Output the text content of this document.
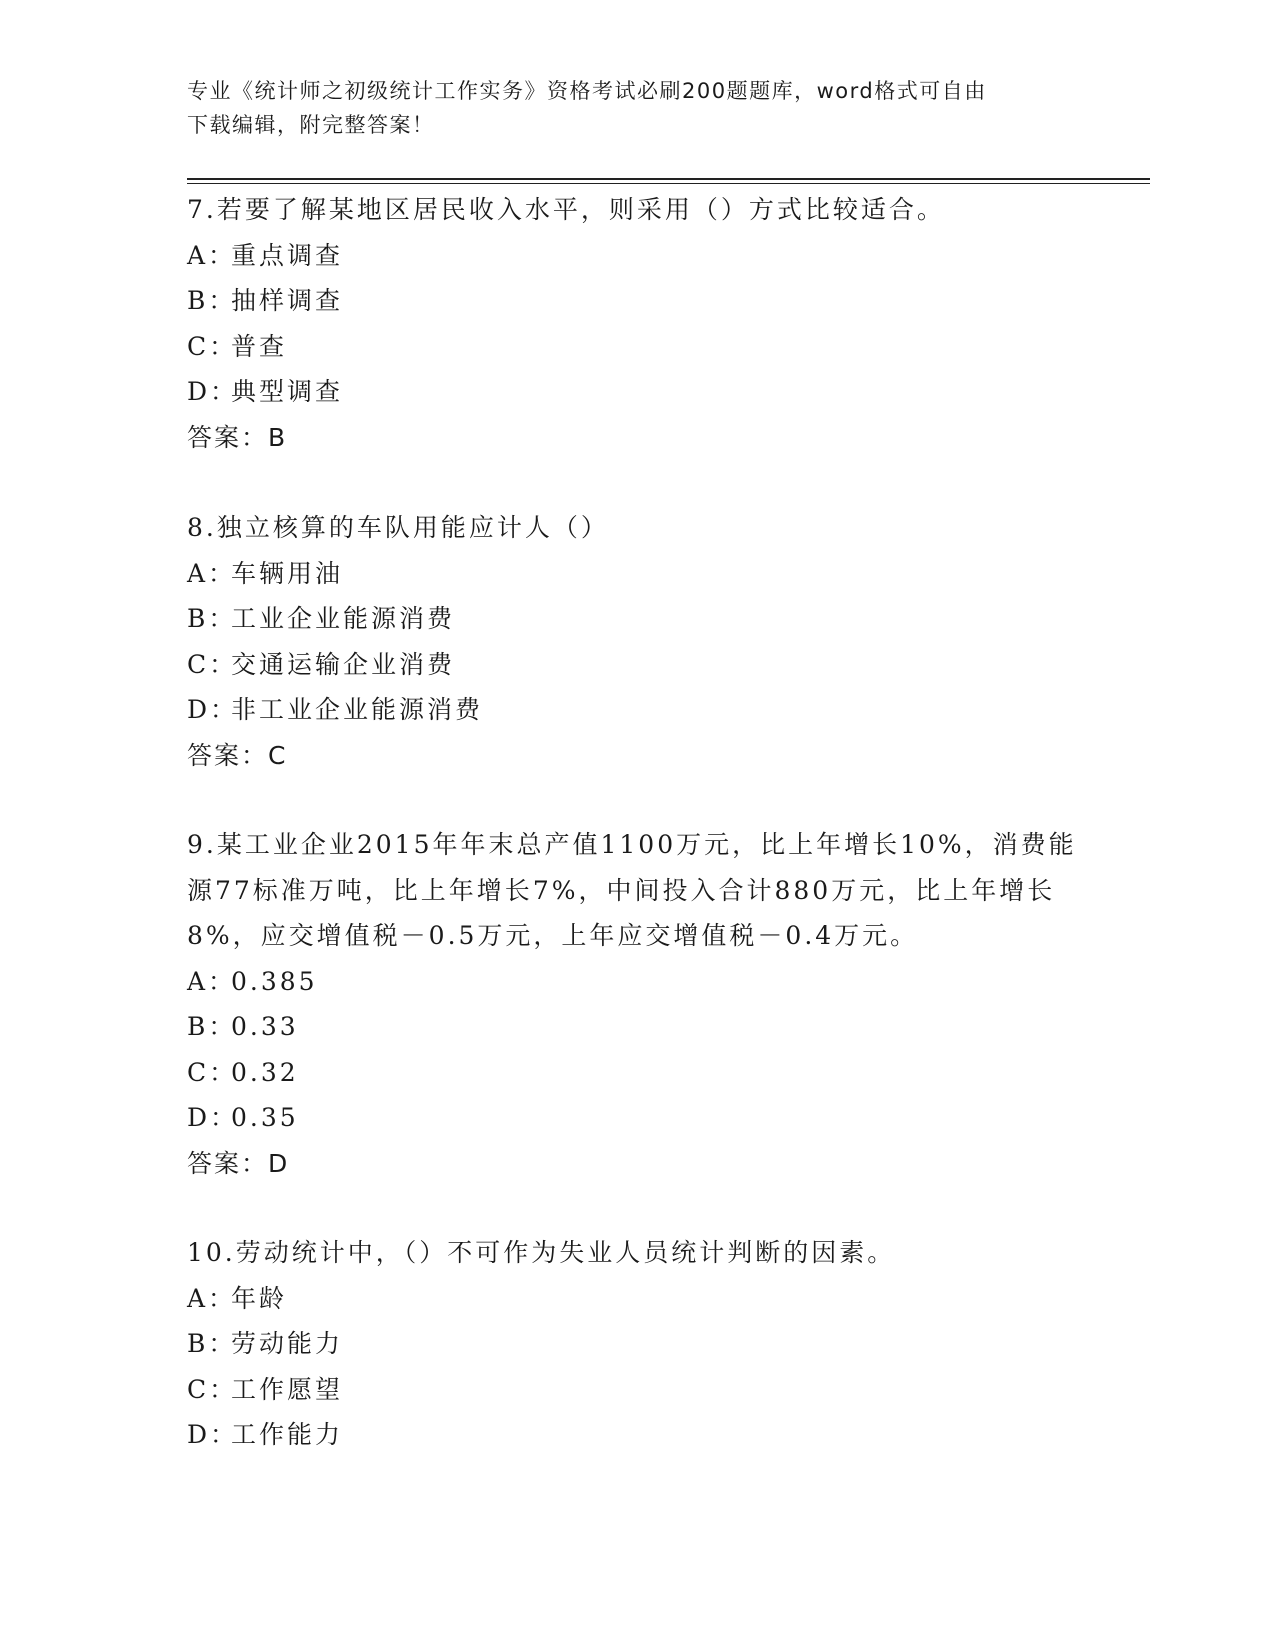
专业《统计师之初级统计工作实务》资格考试必刷200题题库，word格式可自由
下载编辑，附完整答案！
7.若要了解某地区居民收入水平，则采用（）方式比较适合。
A：重点调查
B：抽样调查
C：普查
D：典型调查
答案：B
8.独立核算的车队用能应计人（）
A：车辆用油
B：工业企业能源消费
C：交通运输企业消费
D：非工业企业能源消费
答案：C
9.某工业企业2015年年末总产值1100万元，比上年增长10%，消费能
源77标准万吨，比上年增长7%，中间投入合计880万元，比上年增长
8%，应交增值税－0.5万元，上年应交增值税－0.4万元。
A：0.385
B：0.33
C：0.32
D：0.35
答案：D
10.劳动统计中，（）不可作为失业人员统计判断的因素。
A：年龄
B：劳动能力
C：工作愿望
D：工作能力
